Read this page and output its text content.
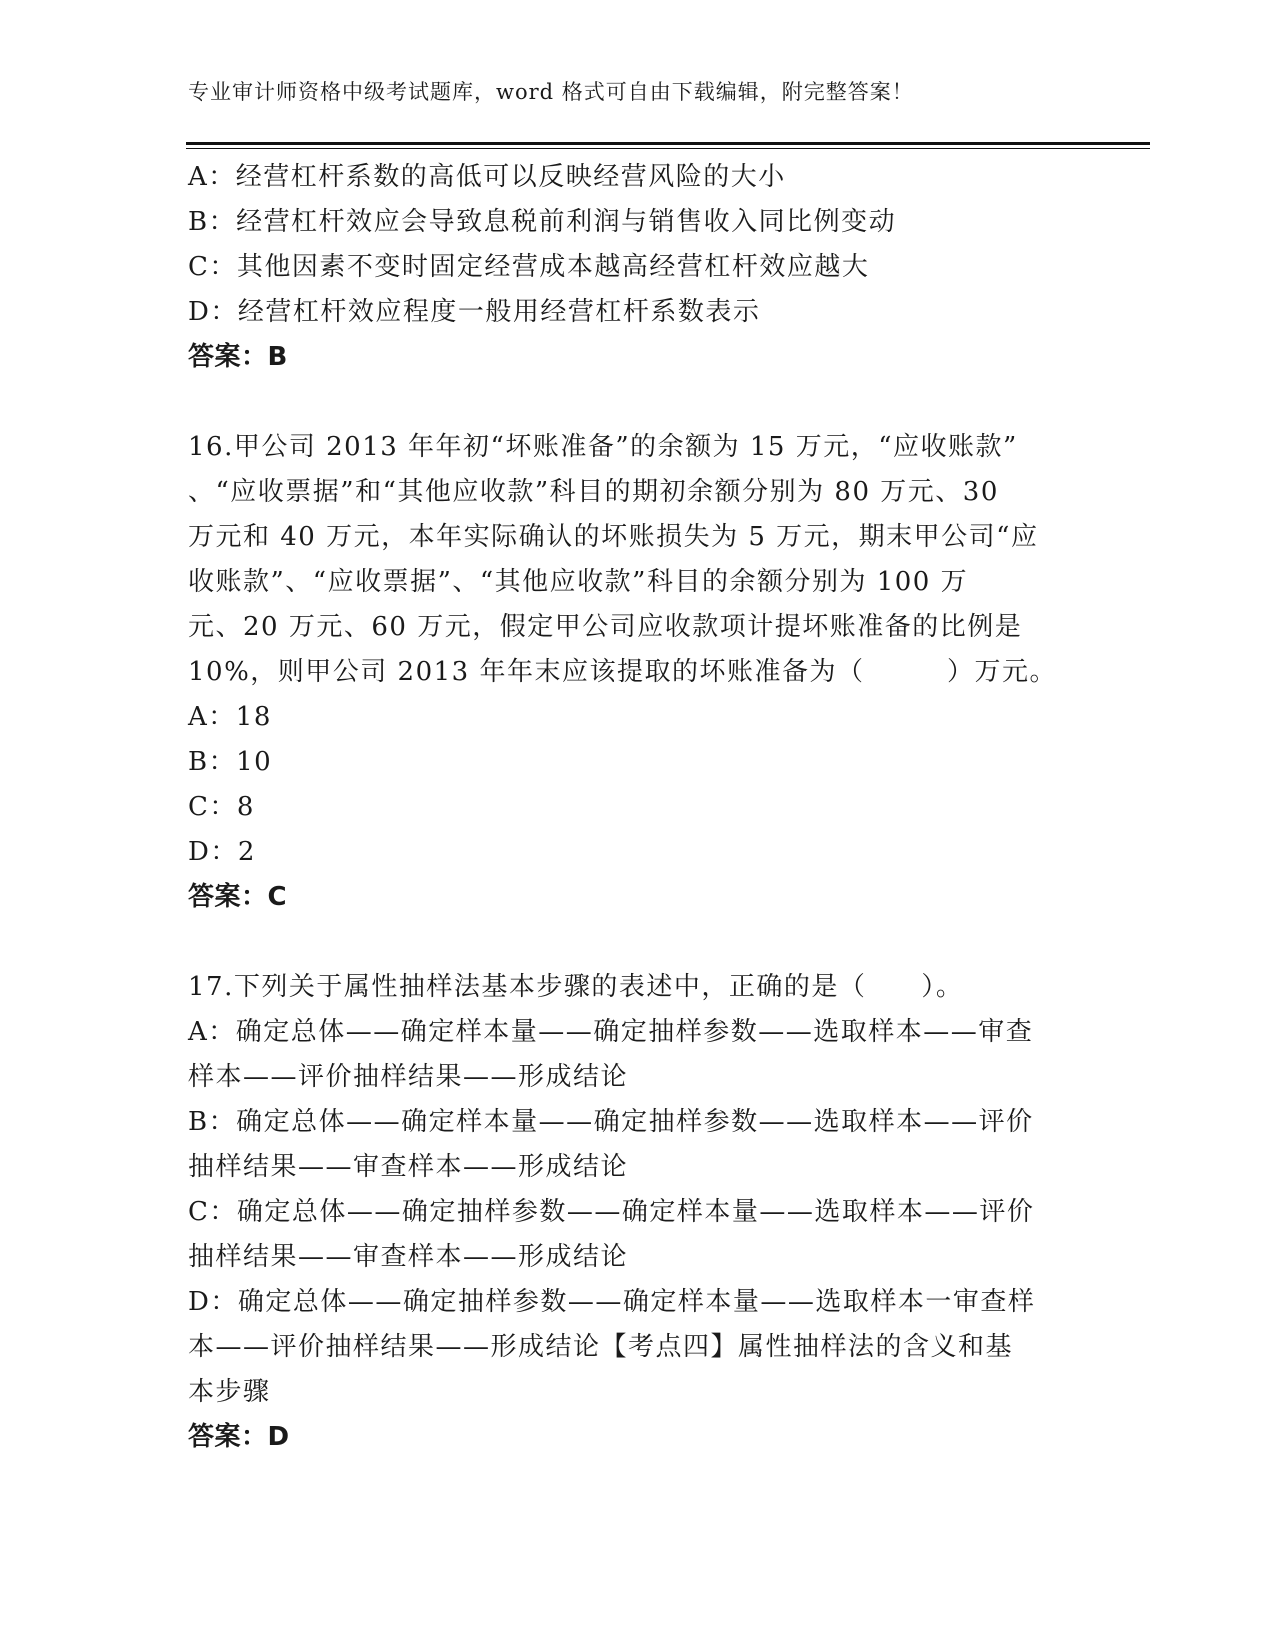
专业审计师资格中级考试题库，word 格式可自由下载编辑，附完整答案！

A：经营杠杆系数的高低可以反映经营风险的大小

B：经营杠杆效应会导致息税前利润与销售收入同比例变动

C：其他因素不变时固定经营成本越高经营杠杆效应越大

D：经营杠杆效应程度一般用经营杠杆系数表示

答案：B

16.甲公司 2013 年年初“坏账准备”的余额为 15 万元，“应收账款”

、“应收票据”和“其他应收款”科目的期初余额分别为 80 万元、30

万元和 40 万元，本年实际确认的坏账损失为 5 万元，期末甲公司“应

收账款”、“应收票据”、“其他应收款”科目的余额分别为 100 万

元、20 万元、60 万元，假定甲公司应收款项计提坏账准备的比例是

10%，则甲公司 2013 年年末应该提取的坏账准备为（　　　）万元。

A：18

B：10

C：8

D：2

答案：C

17.下列关于属性抽样法基本步骤的表述中，正确的是（　　）。

A：确定总体——确定样本量——确定抽样参数——选取样本——审查

样本——评价抽样结果——形成结论

B：确定总体——确定样本量——确定抽样参数——选取样本——评价

抽样结果——审查样本——形成结论

C：确定总体——确定抽样参数——确定样本量——选取样本——评价

抽样结果——审查样本——形成结论

D：确定总体——确定抽样参数——确定样本量——选取样本一审查样

本——评价抽样结果——形成结论【考点四】属性抽样法的含义和基

本步骤

答案：D
